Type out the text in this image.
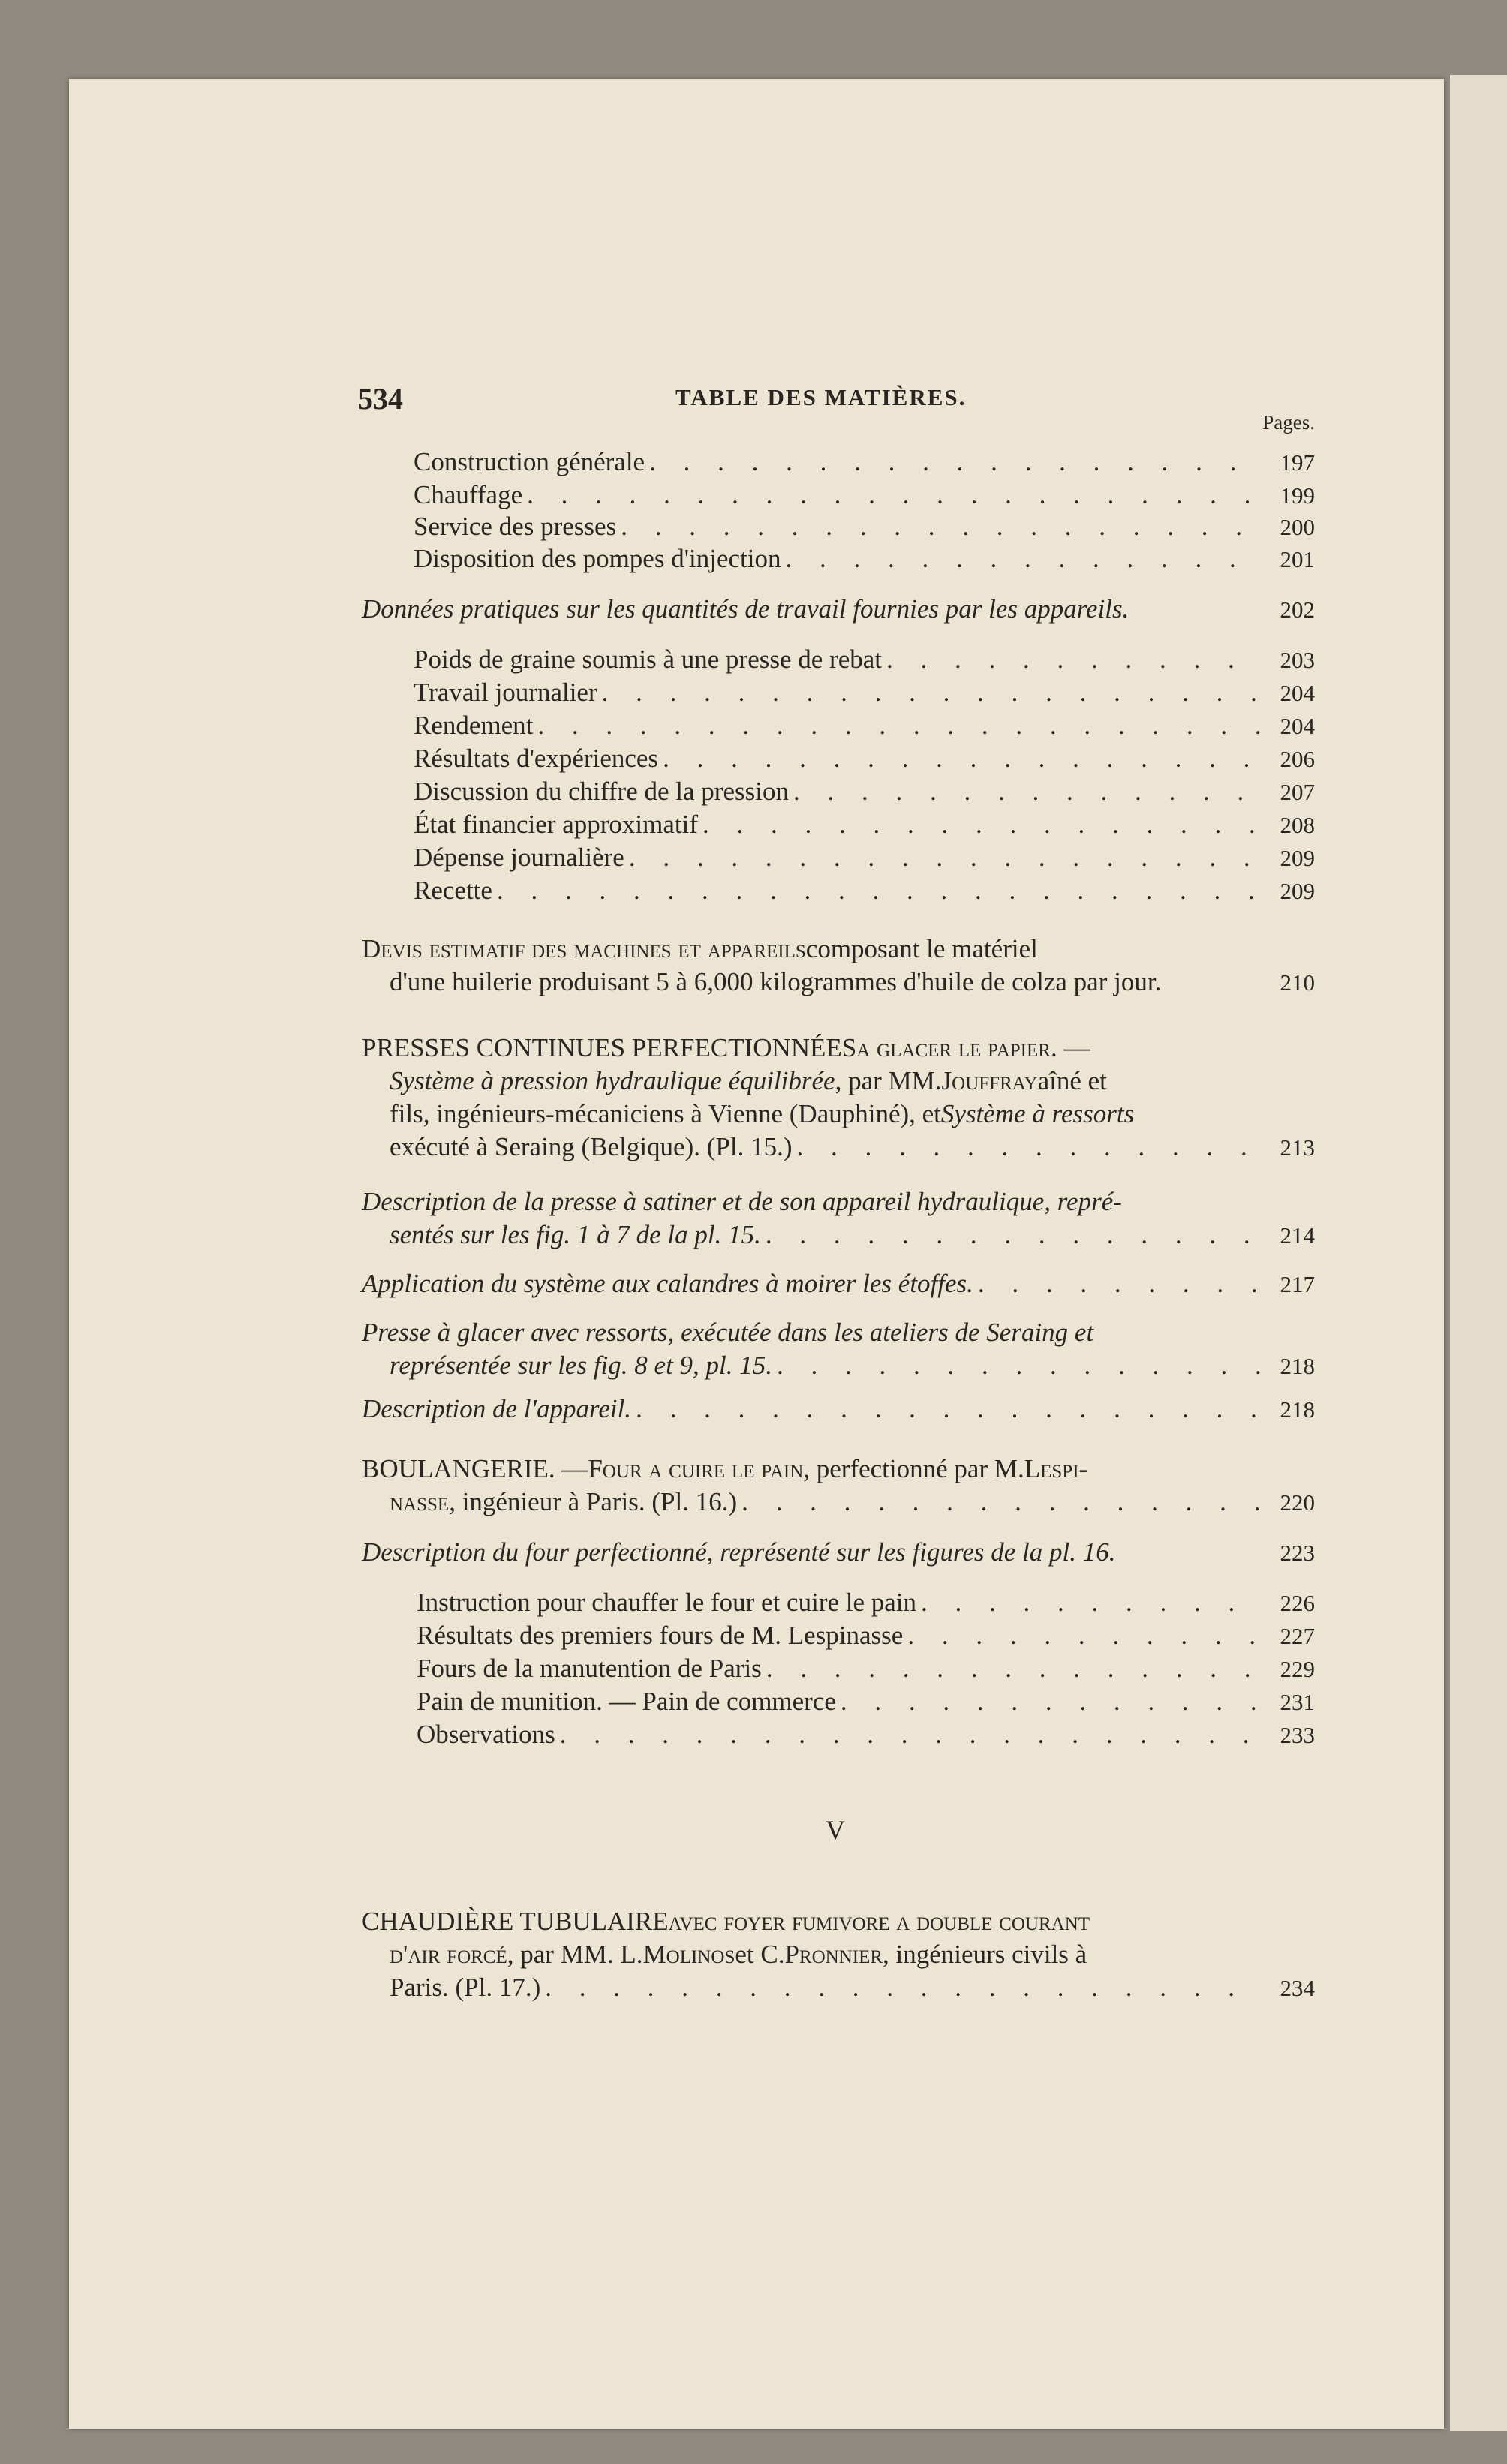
534	TABLE DES MATIÈRES.
Pages.
Construction générale . . .	197
Chauffage . . .	199
Service des presses . . .	200
Disposition des pompes d'injection . . .	201
Données pratiques sur les quantités de travail fournies par les appareils.	202
Poids de graine soumis à une presse de rebat . . .	203
Travail journalier . . .	204
Rendement . . .	204
Résultats d'expériences . . .	206
Discussion du chiffre de la pression . . .	207
État financier approximatif . . .	208
Dépense journalière . . .	209
Recette . . .	209
Devis estimatif des machines et appareils composant le matériel
d'une huilerie produisant 5 à 6,000 kilogrammes d'huile de colza par jour.	210
PRESSES CONTINUES PERFECTIONNÉES a glacer le papier. —
Système à pression hydraulique équilibrée , par MM. Jouffray aîné et
fils, ingénieurs-mécaniciens à Vienne (Dauphiné), et Système à ressorts
exécuté à Seraing (Belgique). (Pl. 15.) . . .	213
Description de la presse à satiner et de son appareil hydraulique, repré-
sentés sur les fig. 1 à 7 de la pl. 15. . . .	214
Application du système aux calandres à moirer les étoffes. . . .	217
Presse à glacer avec ressorts, exécutée dans les ateliers de Seraing et
représentée sur les fig. 8 et 9, pl. 15. . . .	218
Description de l'appareil. . . .	218
BOULANGERIE. — Four a cuire le pain , perfectionné par M. Lespi-
nasse , ingénieur à Paris. (Pl. 16.) . . .	220
Description du four perfectionné, représenté sur les figures de la pl. 16.	223
Instruction pour chauffer le four et cuire le pain . . .	226
Résultats des premiers fours de M. Lespinasse . . .	227
Fours de la manutention de Paris . . .	229
Pain de munition. — Pain de commerce . . .	231
Observations . . .	233
V
CHAUDIÈRE TUBULAIRE avec foyer fumivore a double courant
d'air forcé , par MM. L. Molinos et C. Pronnier , ingénieurs civils à
Paris. (Pl. 17.) . . .	234
